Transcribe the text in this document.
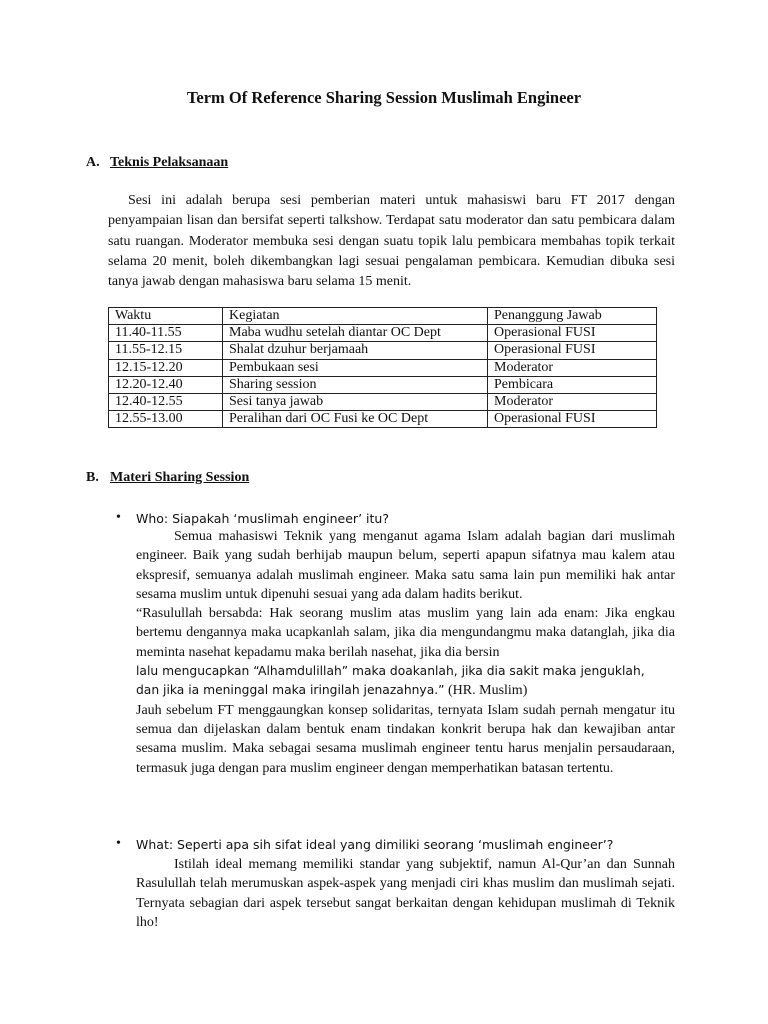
Term Of Reference Sharing Session Muslimah Engineer
A. Teknis Pelaksanaan

Sesi ini adalah berupa sesi pemberian materi untuk mahasiswi baru FT 2017 dengan penyampaian lisan dan bersifat seperti talkshow. Terdapat satu moderator dan satu pembicara dalam satu ruangan. Moderator membuka sesi dengan suatu topik lalu pembicara membahas topik terkait selama 20 menit, boleh dikembangkan lagi sesuai pengalaman pembicara. Kemudian dibuka sesi tanya jawab dengan mahasiswa baru selama 15 menit.

Waktu	Kegiatan	Penanggung Jawab
11.40-11.55	Maba wudhu setelah diantar OC Dept	Operasional FUSI
11.55-12.15	Shalat dzuhur berjamaah	Operasional FUSI
12.15-12.20	Pembukaan sesi	Moderator
12.20-12.40	Sharing session	Pembicara
12.40-12.55	Sesi tanya jawab	Moderator
12.55-13.00	Peralihan dari OC Fusi ke OC Dept	Operasional FUSI
B. Materi Sharing Session
• Who: Siapakah ‘muslimah engineer’ itu?

Semua mahasiswi Teknik yang menganut agama Islam adalah bagian dari muslimah engineer. Baik yang sudah berhijab maupun belum, seperti apapun sifatnya mau kalem atau ekspresif, semuanya adalah muslimah engineer. Maka satu sama lain pun memiliki hak antar sesama muslim untuk dipenuhi sesuai yang ada dalam hadits berikut.

“Rasulullah bersabda: Hak seorang muslim atas muslim yang lain ada enam: Jika engkau bertemu dengannya maka ucapkanlah salam, jika dia mengundangmu maka datanglah, jika dia meminta nasehat kepadamu maka berilah nasehat, jika dia bersin
lalu mengucapkan “Alhamdulillah” maka doakanlah, jika dia sakit maka jenguklah,
dan jika ia meninggal maka iringilah jenazahnya.” (HR. Muslim)

Jauh sebelum FT menggaungkan konsep solidaritas, ternyata Islam sudah pernah mengatur itu semua dan dijelaskan dalam bentuk enam tindakan konkrit berupa hak dan kewajiban antar sesama muslim. Maka sebagai sesama muslimah engineer tentu harus menjalin persaudaraan, termasuk juga dengan para muslim engineer dengan memperhatikan batasan tertentu.

• What: Seperti apa sih sifat ideal yang dimiliki seorang ‘muslimah engineer’?

Istilah ideal memang memiliki standar yang subjektif, namun Al-Qur’an dan Sunnah Rasulullah telah merumuskan aspek-aspek yang menjadi ciri khas muslim dan muslimah sejati. Ternyata sebagian dari aspek tersebut sangat berkaitan dengan kehidupan muslimah di Teknik lho!
